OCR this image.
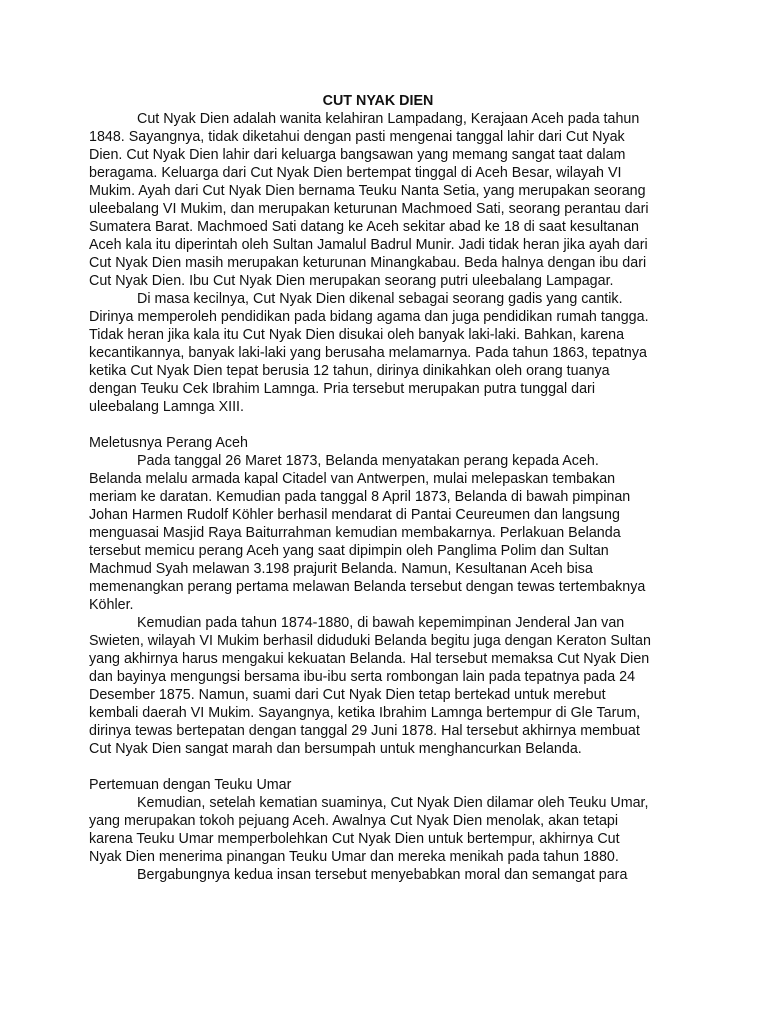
CUT NYAK DIEN

Cut Nyak Dien adalah wanita kelahiran Lampadang, Kerajaan Aceh pada tahun 1848. Sayangnya, tidak diketahui dengan pasti mengenai tanggal lahir dari Cut Nyak Dien. Cut Nyak Dien lahir dari keluarga bangsawan yang memang sangat taat dalam beragama. Keluarga dari Cut Nyak Dien bertempat tinggal di Aceh Besar, wilayah VI Mukim. Ayah dari Cut Nyak Dien bernama Teuku Nanta Setia, yang merupakan seorang uleebalang VI Mukim, dan merupakan keturunan Machmoed Sati, seorang perantau dari Sumatera Barat. Machmoed Sati datang ke Aceh sekitar abad ke 18 di saat kesultanan Aceh kala itu diperintah oleh Sultan Jamalul Badrul Munir. Jadi tidak heran jika ayah dari Cut Nyak Dien masih merupakan keturunan Minangkabau. Beda halnya dengan ibu dari Cut Nyak Dien. Ibu Cut Nyak Dien merupakan seorang putri uleebalang Lampagar.

Di masa kecilnya, Cut Nyak Dien dikenal sebagai seorang gadis yang cantik. Dirinya memperoleh pendidikan pada bidang agama dan juga pendidikan rumah tangga. Tidak heran jika kala itu Cut Nyak Dien disukai oleh banyak laki-laki. Bahkan, karena kecantikannya, banyak laki-laki yang berusaha melamarnya. Pada tahun 1863, tepatnya ketika Cut Nyak Dien tepat berusia 12 tahun, dirinya dinikahkan oleh orang tuanya dengan Teuku Cek Ibrahim Lamnga. Pria tersebut merupakan putra tunggal dari uleebalang Lamnga XIII.

Meletusnya Perang Aceh

Pada tanggal 26 Maret 1873, Belanda menyatakan perang kepada Aceh. Belanda melalu armada kapal Citadel van Antwerpen, mulai melepaskan tembakan meriam ke daratan. Kemudian pada tanggal 8 April 1873, Belanda di bawah pimpinan Johan Harmen Rudolf Köhler berhasil mendarat di Pantai Ceureumen dan langsung menguasai Masjid Raya Baiturrahman kemudian membakarnya. Perlakuan Belanda tersebut memicu perang Aceh yang saat dipimpin oleh Panglima Polim dan Sultan Machmud Syah melawan 3.198 prajurit Belanda. Namun, Kesultanan Aceh bisa memenangkan perang pertama melawan Belanda tersebut dengan tewas tertembaknya Köhler.

Kemudian pada tahun 1874-1880, di bawah kepemimpinan Jenderal Jan van Swieten, wilayah VI Mukim berhasil diduduki Belanda begitu juga dengan Keraton Sultan yang akhirnya harus mengakui kekuatan Belanda. Hal tersebut memaksa Cut Nyak Dien dan bayinya mengungsi bersama ibu-ibu serta rombongan lain pada tepatnya pada 24 Desember 1875. Namun, suami dari Cut Nyak Dien tetap bertekad untuk merebut kembali daerah VI Mukim. Sayangnya, ketika Ibrahim Lamnga bertempur di Gle Tarum, dirinya tewas bertepatan dengan tanggal 29 Juni 1878. Hal tersebut akhirnya membuat Cut Nyak Dien sangat marah dan bersumpah untuk menghancurkan Belanda.

Pertemuan dengan Teuku Umar

Kemudian, setelah kematian suaminya, Cut Nyak Dien dilamar oleh Teuku Umar, yang merupakan tokoh pejuang Aceh. Awalnya Cut Nyak Dien menolak, akan tetapi karena Teuku Umar memperbolehkan Cut Nyak Dien untuk bertempur, akhirnya Cut Nyak Dien menerima pinangan Teuku Umar dan mereka menikah pada tahun 1880.

Bergabungnya kedua insan tersebut menyebabkan moral dan semangat para
